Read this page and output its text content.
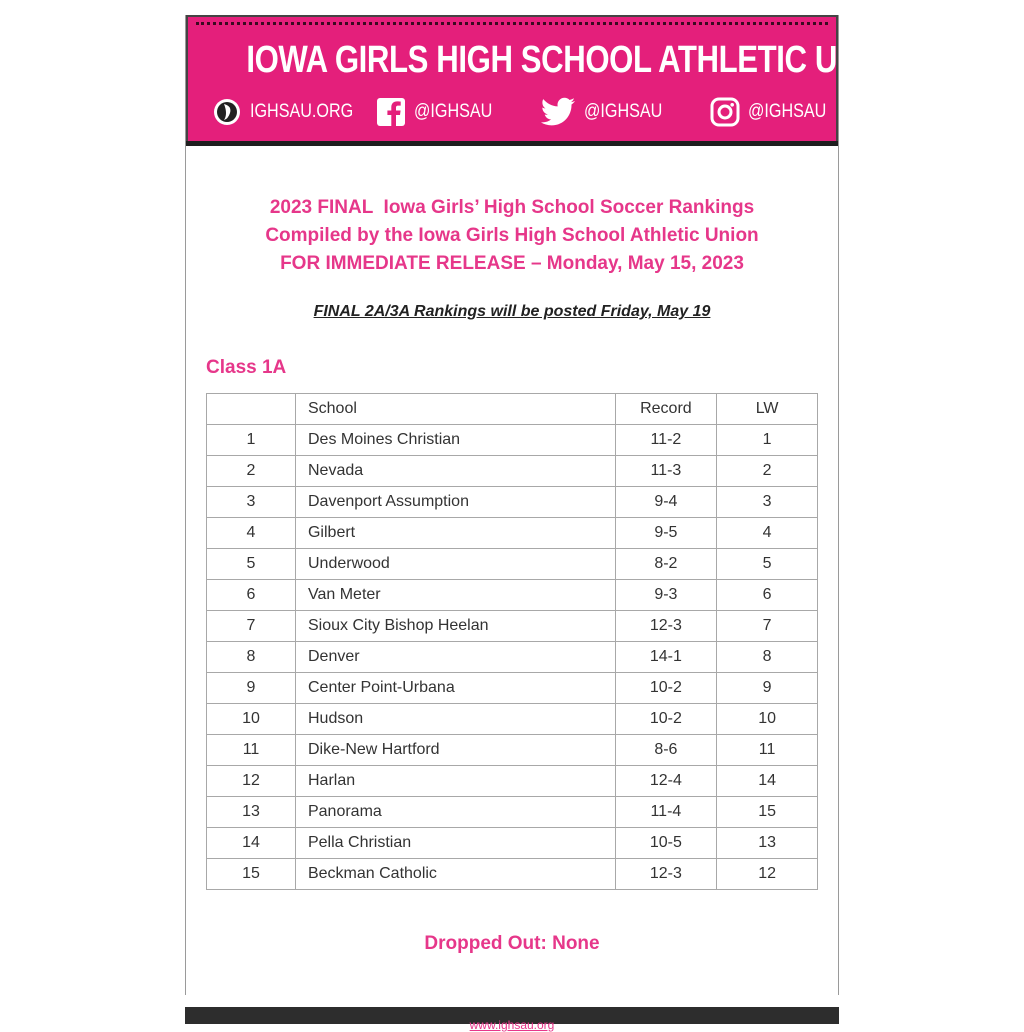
IOWA GIRLS HIGH SCHOOL ATHLETIC UNION
IGHSAU.ORG	@IGHSAU	@IGHSAU	@IGHSAU
2023 FINAL  Iowa Girls’ High School Soccer Rankings
Compiled by the Iowa Girls High School Athletic Union
FOR IMMEDIATE RELEASE – Monday, May 15, 2023
FINAL 2A/3A Rankings will be posted Friday, May 19
Class 1A
	School	Record	LW
1	Des Moines Christian	11-2	1
2	Nevada	11-3	2
3	Davenport Assumption	9-4	3
4	Gilbert	9-5	4
5	Underwood	8-2	5
6	Van Meter	9-3	6
7	Sioux City Bishop Heelan	12-3	7
8	Denver	14-1	8
9	Center Point-Urbana	10-2	9
10	Hudson	10-2	10
11	Dike-New Hartford	8-6	11
12	Harlan	12-4	14
13	Panorama	11-4	15
14	Pella Christian	10-5	13
15	Beckman Catholic	12-3	12
Dropped Out: None
$_{www.ighsau.org}$
